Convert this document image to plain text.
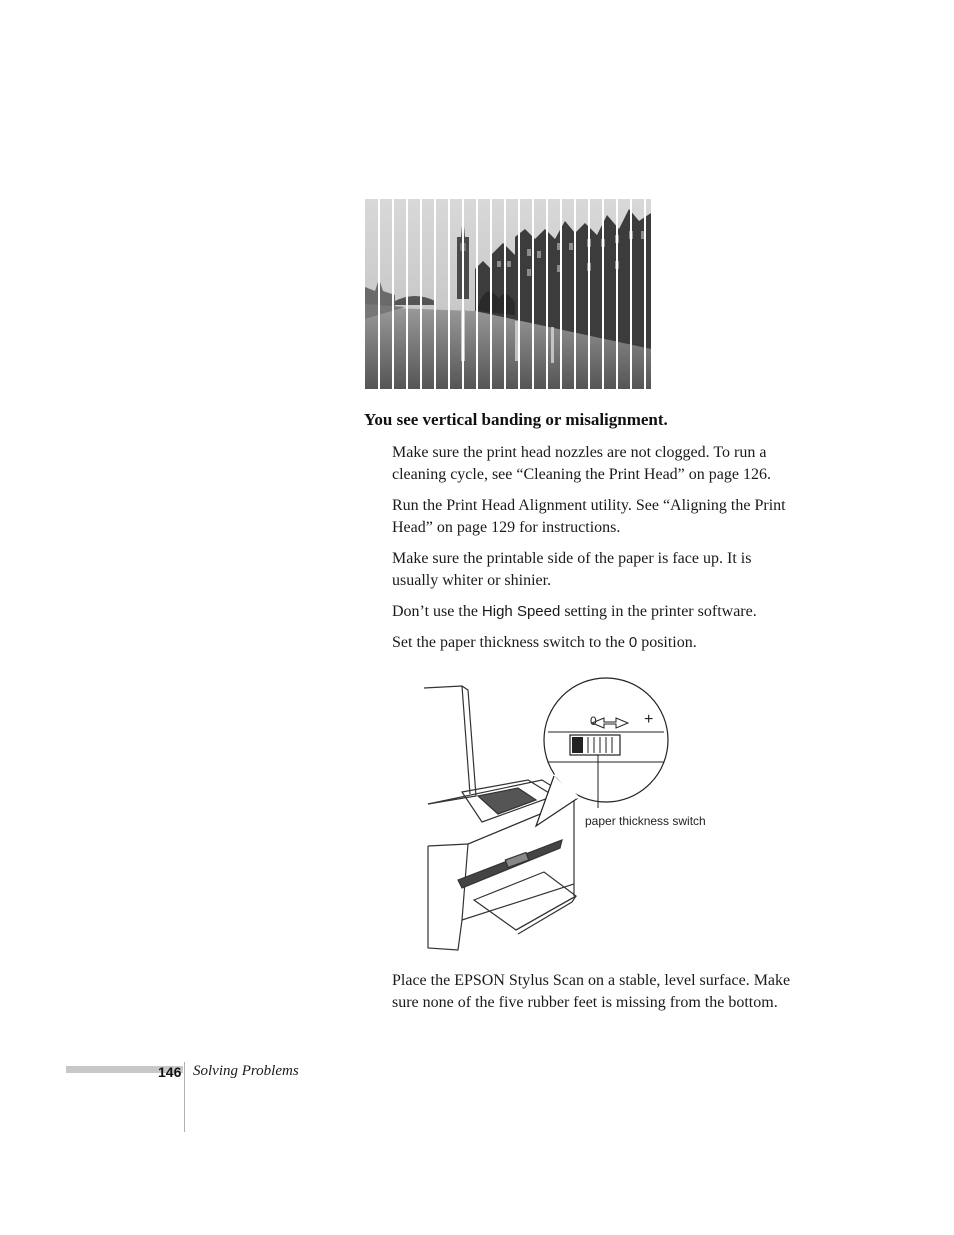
You see vertical banding or misalignment.
Make sure the print head nozzles are not clogged. To run a cleaning cycle, see “Cleaning the Print Head” on page 126.
Run the Print Head Alignment utility. See “Aligning the Print Head” on page 129 for instructions.
Make sure the printable side of the paper is face up. It is usually whiter or shinier.
Don’t use the High Speed setting in the printer software.
Set the paper thickness switch to the 0 position.
0	+
paper thickness switch
Place the EPSON Stylus Scan on a stable, level surface. Make sure none of the five rubber feet is missing from the bottom.
146 Solving Problems
